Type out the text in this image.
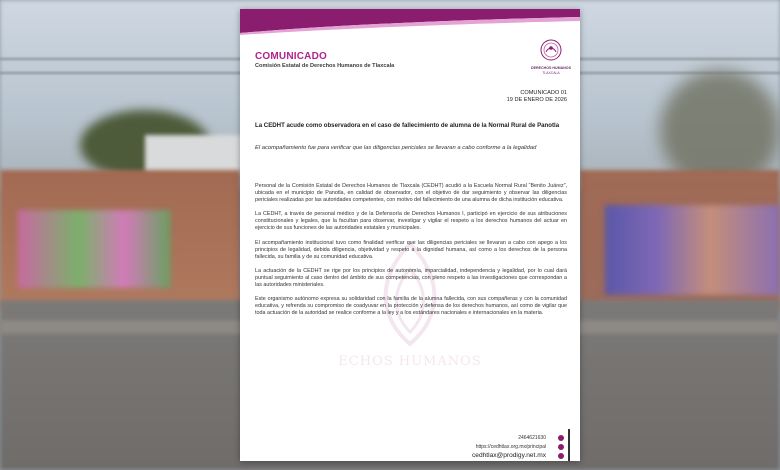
COMUNICADO
Comisión Estatal de Derechos Humanos de Tlaxcala	DERECHOS HUMANOS
TLAXCALA
COMUNICADO 01
19 DE ENERO DE 2026
La CEDHT acude como observadora en el caso de fallecimiento de alumna de la Normal Rural de Panotla

El acompañamiento fue para verificar que las diligencias periciales se llevaran a cabo conforme a la legalidad

ECHOS HUMANOS

Personal de la Comisión Estatal de Derechos Humanos de Tlaxcala (CEDHT) acudió a la Escuela Normal Rural “Benito Juárez”, ubicada en el municipio de Panotla, en calidad de observador, con el objetivo de dar seguimiento y observar las diligencias periciales realizadas por las autoridades competentes, con motivo del fallecimiento de una alumna de dicha institución educativa.

La CEDHT, a través de personal médico y de la Defensoría de Derechos Humanos I, participó en ejercicio de sus atribuciones constitucionales y legales, que la facultan para observar, investigar y vigilar el respeto a los derechos humanos del actuar en ejercicio de sus funciones de las autoridades estatales y municipales.

El acompañamiento institucional tuvo como finalidad verificar que las diligencias periciales se llevaran a cabo con apego a los principios de legalidad, debida diligencia, objetividad y respeto a la dignidad humana, así como a los derechos de la persona fallecida, su familia y de su comunidad educativa.

La actuación de la CEDHT se rige por los principios de autonomía, imparcialidad, independencia y legalidad, por lo cual dará puntual seguimiento al caso dentro del ámbito de sus competencias, con pleno respeto a las investigaciones que correspondan a las autoridades ministeriales.

Este organismo autónomo expresa su solidaridad con la familia de la alumna fallecida, con sus compañeras y con la comunidad educativa, y refrenda su compromiso de coadyuvar en la protección y defensa de los derechos humanos, así como de vigilar que toda actuación de la autoridad se realice conforme a la ley y a los estándares nacionales e internacionales en la materia.

2464621630
https://cedhtlax.org.mx/principal
cedhtlax@prodigy.net.mx
